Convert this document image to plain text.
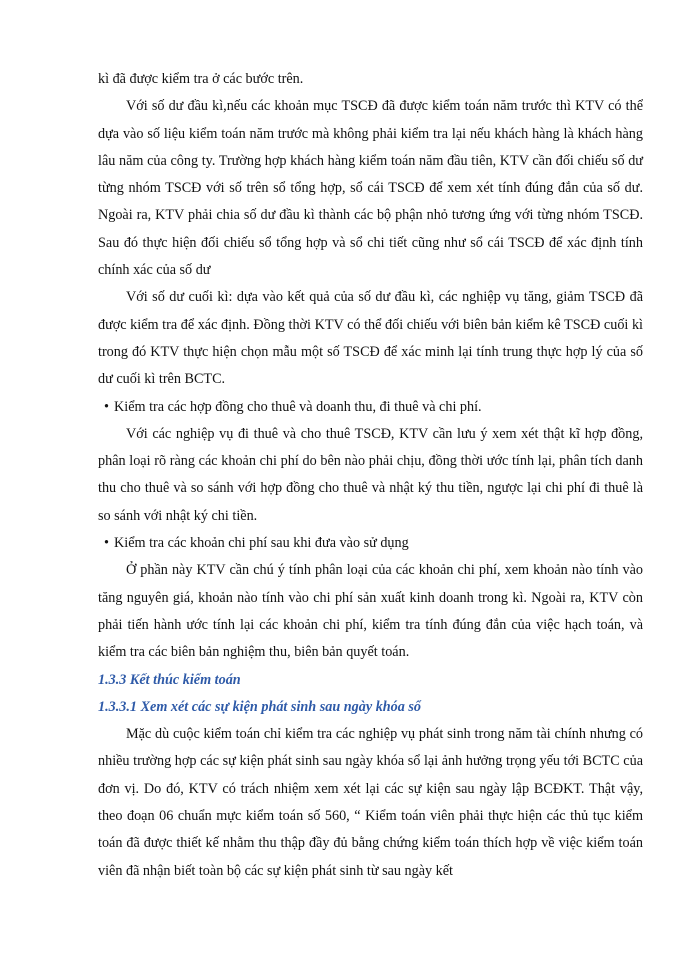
kì đã được kiểm tra ở các bước trên.

Với số dư đầu kì,nếu các khoản mục TSCĐ đã được kiểm toán năm trước thì KTV có thể dựa vào số liệu kiểm toán năm trước mà không phải kiểm tra lại nếu khách hàng là khách hàng lâu năm của công ty. Trường hợp khách hàng kiểm toán năm đầu tiên, KTV cần đối chiếu số dư từng nhóm TSCĐ với số trên sổ tổng hợp, sổ cái TSCĐ để xem xét tính đúng đắn của số dư. Ngoài ra, KTV phải chia số dư đầu kì thành các bộ phận nhỏ tương ứng với từng nhóm TSCĐ. Sau đó thực hiện đối chiếu sổ tổng hợp và sổ chi tiết cũng như sổ cái TSCĐ để xác định tính chính xác của số dư

Với số dư cuối kì: dựa vào kết quả của số dư đầu kì, các nghiệp vụ tăng, giảm TSCĐ đã được kiểm tra để xác định. Đồng thời KTV có thể đối chiếu với biên bản kiểm kê TSCĐ cuối kì trong đó KTV thực hiện chọn mẫu một số TSCĐ để xác minh lại tính trung thực hợp lý của số dư cuối kì trên BCTC.

• Kiểm tra các hợp đồng cho thuê và doanh thu, đi thuê và chi phí.

Với các nghiệp vụ đi thuê và cho thuê TSCĐ, KTV cần lưu ý xem xét thật kĩ hợp đồng, phân loại rõ ràng các khoản chi phí do bên nào phải chịu, đồng thời ước tính lại, phân tích danh thu cho thuê và so sánh với hợp đồng cho thuê và nhật ký thu tiền, ngược lại chi phí đi thuê là so sánh với nhật ký chi tiền.

• Kiểm tra các khoản chi phí sau khi đưa vào sử dụng

Ở phần này KTV cần chú ý tính phân loại của các khoản chi phí, xem khoản nào tính vào tăng nguyên giá, khoản nào tính vào chi phí sản xuất kinh doanh trong kì. Ngoài ra, KTV còn phải tiến hành ước tính lại các khoản chi phí, kiểm tra tính đúng đắn của việc hạch toán, và kiểm tra các biên bản nghiệm thu, biên bản quyết toán.

1.3.3 Kết thúc kiểm toán

1.3.3.1 Xem xét các sự kiện phát sinh sau ngày khóa sổ

Mặc dù cuộc kiểm toán chỉ kiểm tra các nghiệp vụ phát sinh trong năm tài chính nhưng có nhiều trường hợp các sự kiện phát sinh sau ngày khóa sổ lại ảnh hưởng trọng yếu tới BCTC của đơn vị. Do đó, KTV có trách nhiệm xem xét lại các sự kiện sau ngày lập BCĐKT. Thật vậy, theo đoạn 06 chuẩn mực kiểm toán số 560, “ Kiểm toán viên phải thực hiện các thủ tục kiểm toán đã được thiết kế nhằm thu thập đầy đủ bằng chứng kiểm toán thích hợp về việc kiểm toán viên đã nhận biết toàn bộ các sự kiện phát sinh từ sau ngày kết
